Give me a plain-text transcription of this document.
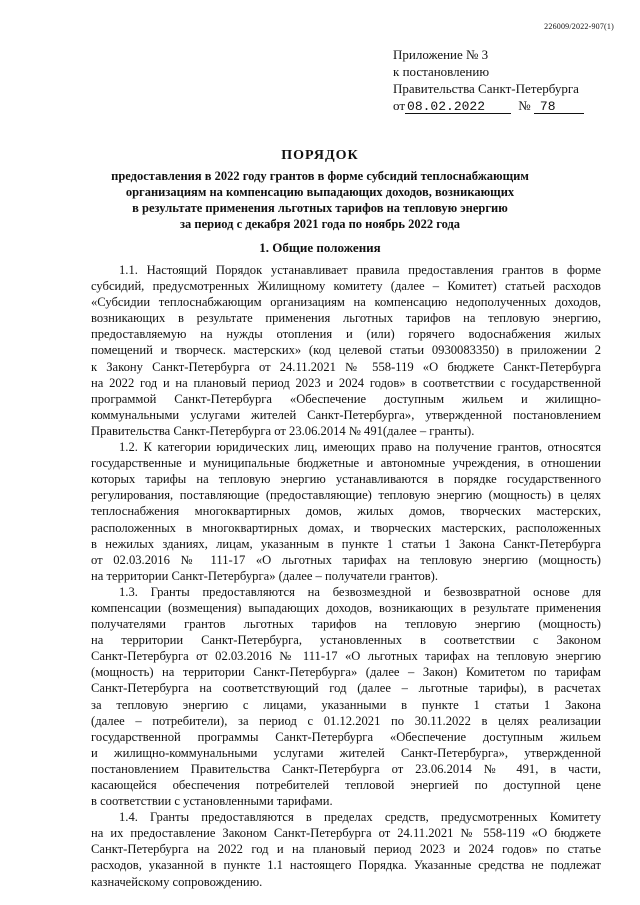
226009/2022-907(1)
Приложение № 3
к постановлению
Правительства Санкт-Петербурга
от 08.02.2022	№ 78
ПОРЯДОК
предоставления в 2022 году грантов в форме субсидий теплоснабжающим
организациям на компенсацию выпадающих доходов, возникающих
в результате применения льготных тарифов на тепловую энергию
за период с декабря 2021 года по ноябрь 2022 года
1. Общие положения
1.1. Настоящий Порядок устанавливает правила предоставления грантов в форме
субсидий, предусмотренных Жилищному комитету (далее – Комитет) статьей расходов
«Субсидии теплоснабжающим организациям на компенсацию недополученных доходов,
возникающих в результате применения льготных тарифов на тепловую энергию,
предоставляемую на нужды отопления и (или) горячего водоснабжения жилых
помещений и творческ. мастерских» (код целевой статьи 0930083350) в приложении 2
к Закону Санкт-Петербурга от 24.11.2021 № 558-119 «О бюджете Санкт-Петербурга
на 2022 год и на плановый период 2023 и 2024 годов» в соответствии с государственной
программой Санкт-Петербурга «Обеспечение доступным жильем и жилищно-
коммунальными услугами жителей Санкт-Петербурга», утвержденной постановлением
Правительства Санкт-Петербурга от 23.06.2014 № 491(далее – гранты).
1.2. К категории юридических лиц, имеющих право на получение грантов, относятся
государственные и муниципальные бюджетные и автономные учреждения, в отношении
которых тарифы на тепловую энергию устанавливаются в порядке государственного
регулирования, поставляющие (предоставляющие) тепловую энергию (мощность) в целях
теплоснабжения многоквартирных домов, жилых домов, творческих мастерских,
расположенных в многоквартирных домах, и творческих мастерских, расположенных
в нежилых зданиях, лицам, указанным в пункте 1 статьи 1 Закона Санкт-Петербурга
от 02.03.2016 № 111-17 «О льготных тарифах на тепловую энергию (мощность)
на территории Санкт-Петербурга» (далее – получатели грантов).
1.3. Гранты предоставляются на безвозмездной и безвозвратной основе для
компенсации (возмещения) выпадающих доходов, возникающих в результате применения
получателями грантов льготных тарифов на тепловую энергию (мощность)
на территории Санкт-Петербурга, установленных в соответствии с Законом
Санкт-Петербурга от 02.03.2016 № 111-17 «О льготных тарифах на тепловую энергию
(мощность) на территории Санкт-Петербурга» (далее – Закон) Комитетом по тарифам
Санкт-Петербурга на соответствующий год (далее – льготные тарифы), в расчетах
за тепловую энергию с лицами, указанными в пункте 1 статьи 1 Закона
(далее – потребители), за период с 01.12.2021 по 30.11.2022 в целях реализации
государственной программы Санкт-Петербурга «Обеспечение доступным жильем
и жилищно-коммунальными услугами жителей Санкт-Петербурга», утвержденной
постановлением Правительства Санкт-Петербурга от 23.06.2014 № 491, в части,
касающейся обеспечения потребителей тепловой энергией по доступной цене
в соответствии с установленными тарифами.
1.4. Гранты предоставляются в пределах средств, предусмотренных Комитету
на их предоставление Законом Санкт-Петербурга от 24.11.2021 № 558-119 «О бюджете
Санкт-Петербурга на 2022 год и на плановый период 2023 и 2024 годов» по статье
расходов, указанной в пункте 1.1 настоящего Порядка. Указанные средства не подлежат
казначейскому сопровождению.
